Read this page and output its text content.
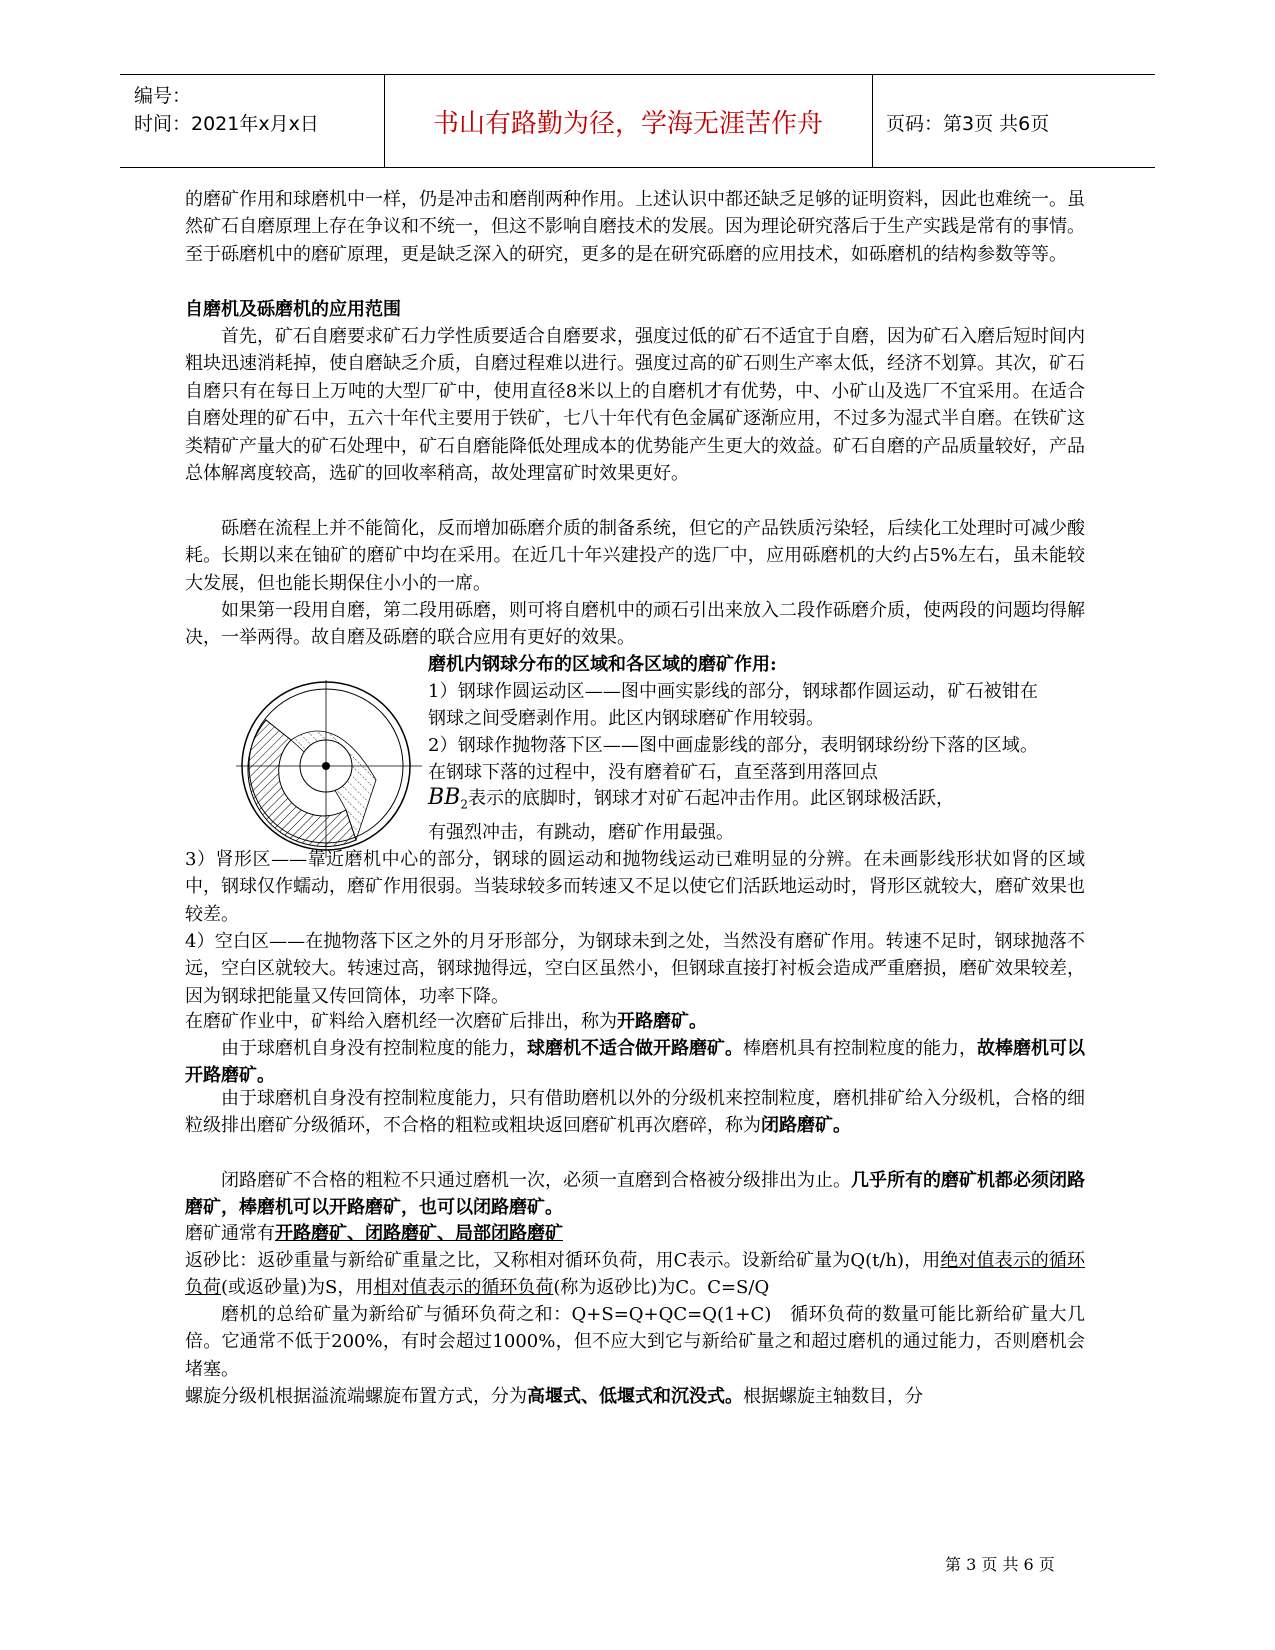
编号：
时间：2021年x月x日	书山有路勤为径，学海无涯苦作舟	页码：第3页 共6页

的磨矿作用和球磨机中一样，仍是冲击和磨削两种作用。上述认识中都还缺乏足够的证明资料，因此也难统一。虽然矿石自磨原理上存在争议和不统一，但这不影响自磨技术的发展。因为理论研究落后于生产实践是常有的事情。至于砾磨机中的磨矿原理，更是缺乏深入的研究，更多的是在研究砾磨的应用技术，如砾磨机的结构参数等等。

自磨机及砾磨机的应用范围

首先，矿石自磨要求矿石力学性质要适合自磨要求，强度过低的矿石不适宜于自磨，因为矿石入磨后短时间内粗块迅速消耗掉，使自磨缺乏介质，自磨过程难以进行。强度过高的矿石则生产率太低，经济不划算。其次，矿石自磨只有在每日上万吨的大型厂矿中，使用直径8米以上的自磨机才有优势，中、小矿山及选厂不宜采用。在适合自磨处理的矿石中，五六十年代主要用于铁矿，七八十年代有色金属矿逐渐应用，不过多为湿式半自磨。在铁矿这类精矿产量大的矿石处理中，矿石自磨能降低处理成本的优势能产生更大的效益。矿石自磨的产品质量较好，产品总体解离度较高，选矿的回收率稍高，故处理富矿时效果更好。

砾磨在流程上并不能简化，反而增加砾磨介质的制备系统，但它的产品铁质污染轻，后续化工处理时可减少酸耗。长期以来在铀矿的磨矿中均在采用。在近几十年兴建投产的选厂中，应用砾磨机的大约占5%左右，虽未能较大发展，但也能长期保住小小的一席。

如果第一段用自磨，第二段用砾磨，则可将自磨机中的顽石引出来放入二段作砾磨介质，使两段的问题均得解决，一举两得。故自磨及砾磨的联合应用有更好的效果。

磨机内钢球分布的区域和各区域的磨矿作用:

1）钢球作圆运动区——图中画实影线的部分，钢球都作圆运动，矿石被钳在钢球之间受磨剥作用。此区内钢球磨矿作用较弱。

2）钢球作抛物落下区——图中画虚影线的部分，表明钢球纷纷下落的区域。在钢球下落的过程中，没有磨着矿石，直至落到用落回点

$BB_2$表示的底脚时，钢球才对矿石起冲击作用。此区钢球极活跃，

有强烈冲击，有跳动，磨矿作用最强。

3）肾形区——靠近磨机中心的部分，钢球的圆运动和抛物线运动已难明显的分辨。在未画影线形状如肾的区域中，钢球仅作蠕动，磨矿作用很弱。当装球较多而转速又不足以使它们活跃地运动时，肾形区就较大，磨矿效果也较差。

4）空白区——在抛物落下区之外的月牙形部分，为钢球未到之处，当然没有磨矿作用。转速不足时，钢球抛落不远，空白区就较大。转速过高，钢球抛得远，空白区虽然小，但钢球直接打衬板会造成严重磨损，磨矿效果较差，因为钢球把能量又传回筒体，功率下降。

在磨矿作业中，矿料给入磨机经一次磨矿后排出，称为开路磨矿。
由于球磨机自身没有控制粒度的能力，球磨机不适合做开路磨矿。棒磨机具有控制粒度的能力，故棒磨机可以开路磨矿。
由于球磨机自身没有控制粒度能力，只有借助磨机以外的分级机来控制粒度，磨机排矿给入分级机，合格的细粒级排出磨矿分级循环，不合格的粗粒或粗块返回磨矿机再次磨碎，称为闭路磨矿。
闭路磨矿不合格的粗粒不只通过磨机一次，必须一直磨到合格被分级排出为止。几乎所有的磨矿机都必须闭路磨矿，棒磨机可以开路磨矿，也可以闭路磨矿。
磨矿通常有开路磨矿、闭路磨矿、局部闭路磨矿
返砂比：返砂重量与新给矿重量之比，又称相对循环负荷，用C表示。设新给矿量为Q(t/h)，用绝对值表示的循环负荷(或返砂量)为S，用相对值表示的循环负荷(称为返砂比)为C。C=S/Q

磨机的总给矿量为新给矿与循环负荷之和：Q+S=Q+QC=Q(1+C)　循环负荷的数量可能比新给矿量大几倍。它通常不低于200%，有时会超过1000%，但不应大到它与新给矿量之和超过磨机的通过能力，否则磨机会堵塞。

螺旋分级机根据溢流端螺旋布置方式，分为高堰式、低堰式和沉没式。根据螺旋主轴数目，分
第 3 页 共 6 页
